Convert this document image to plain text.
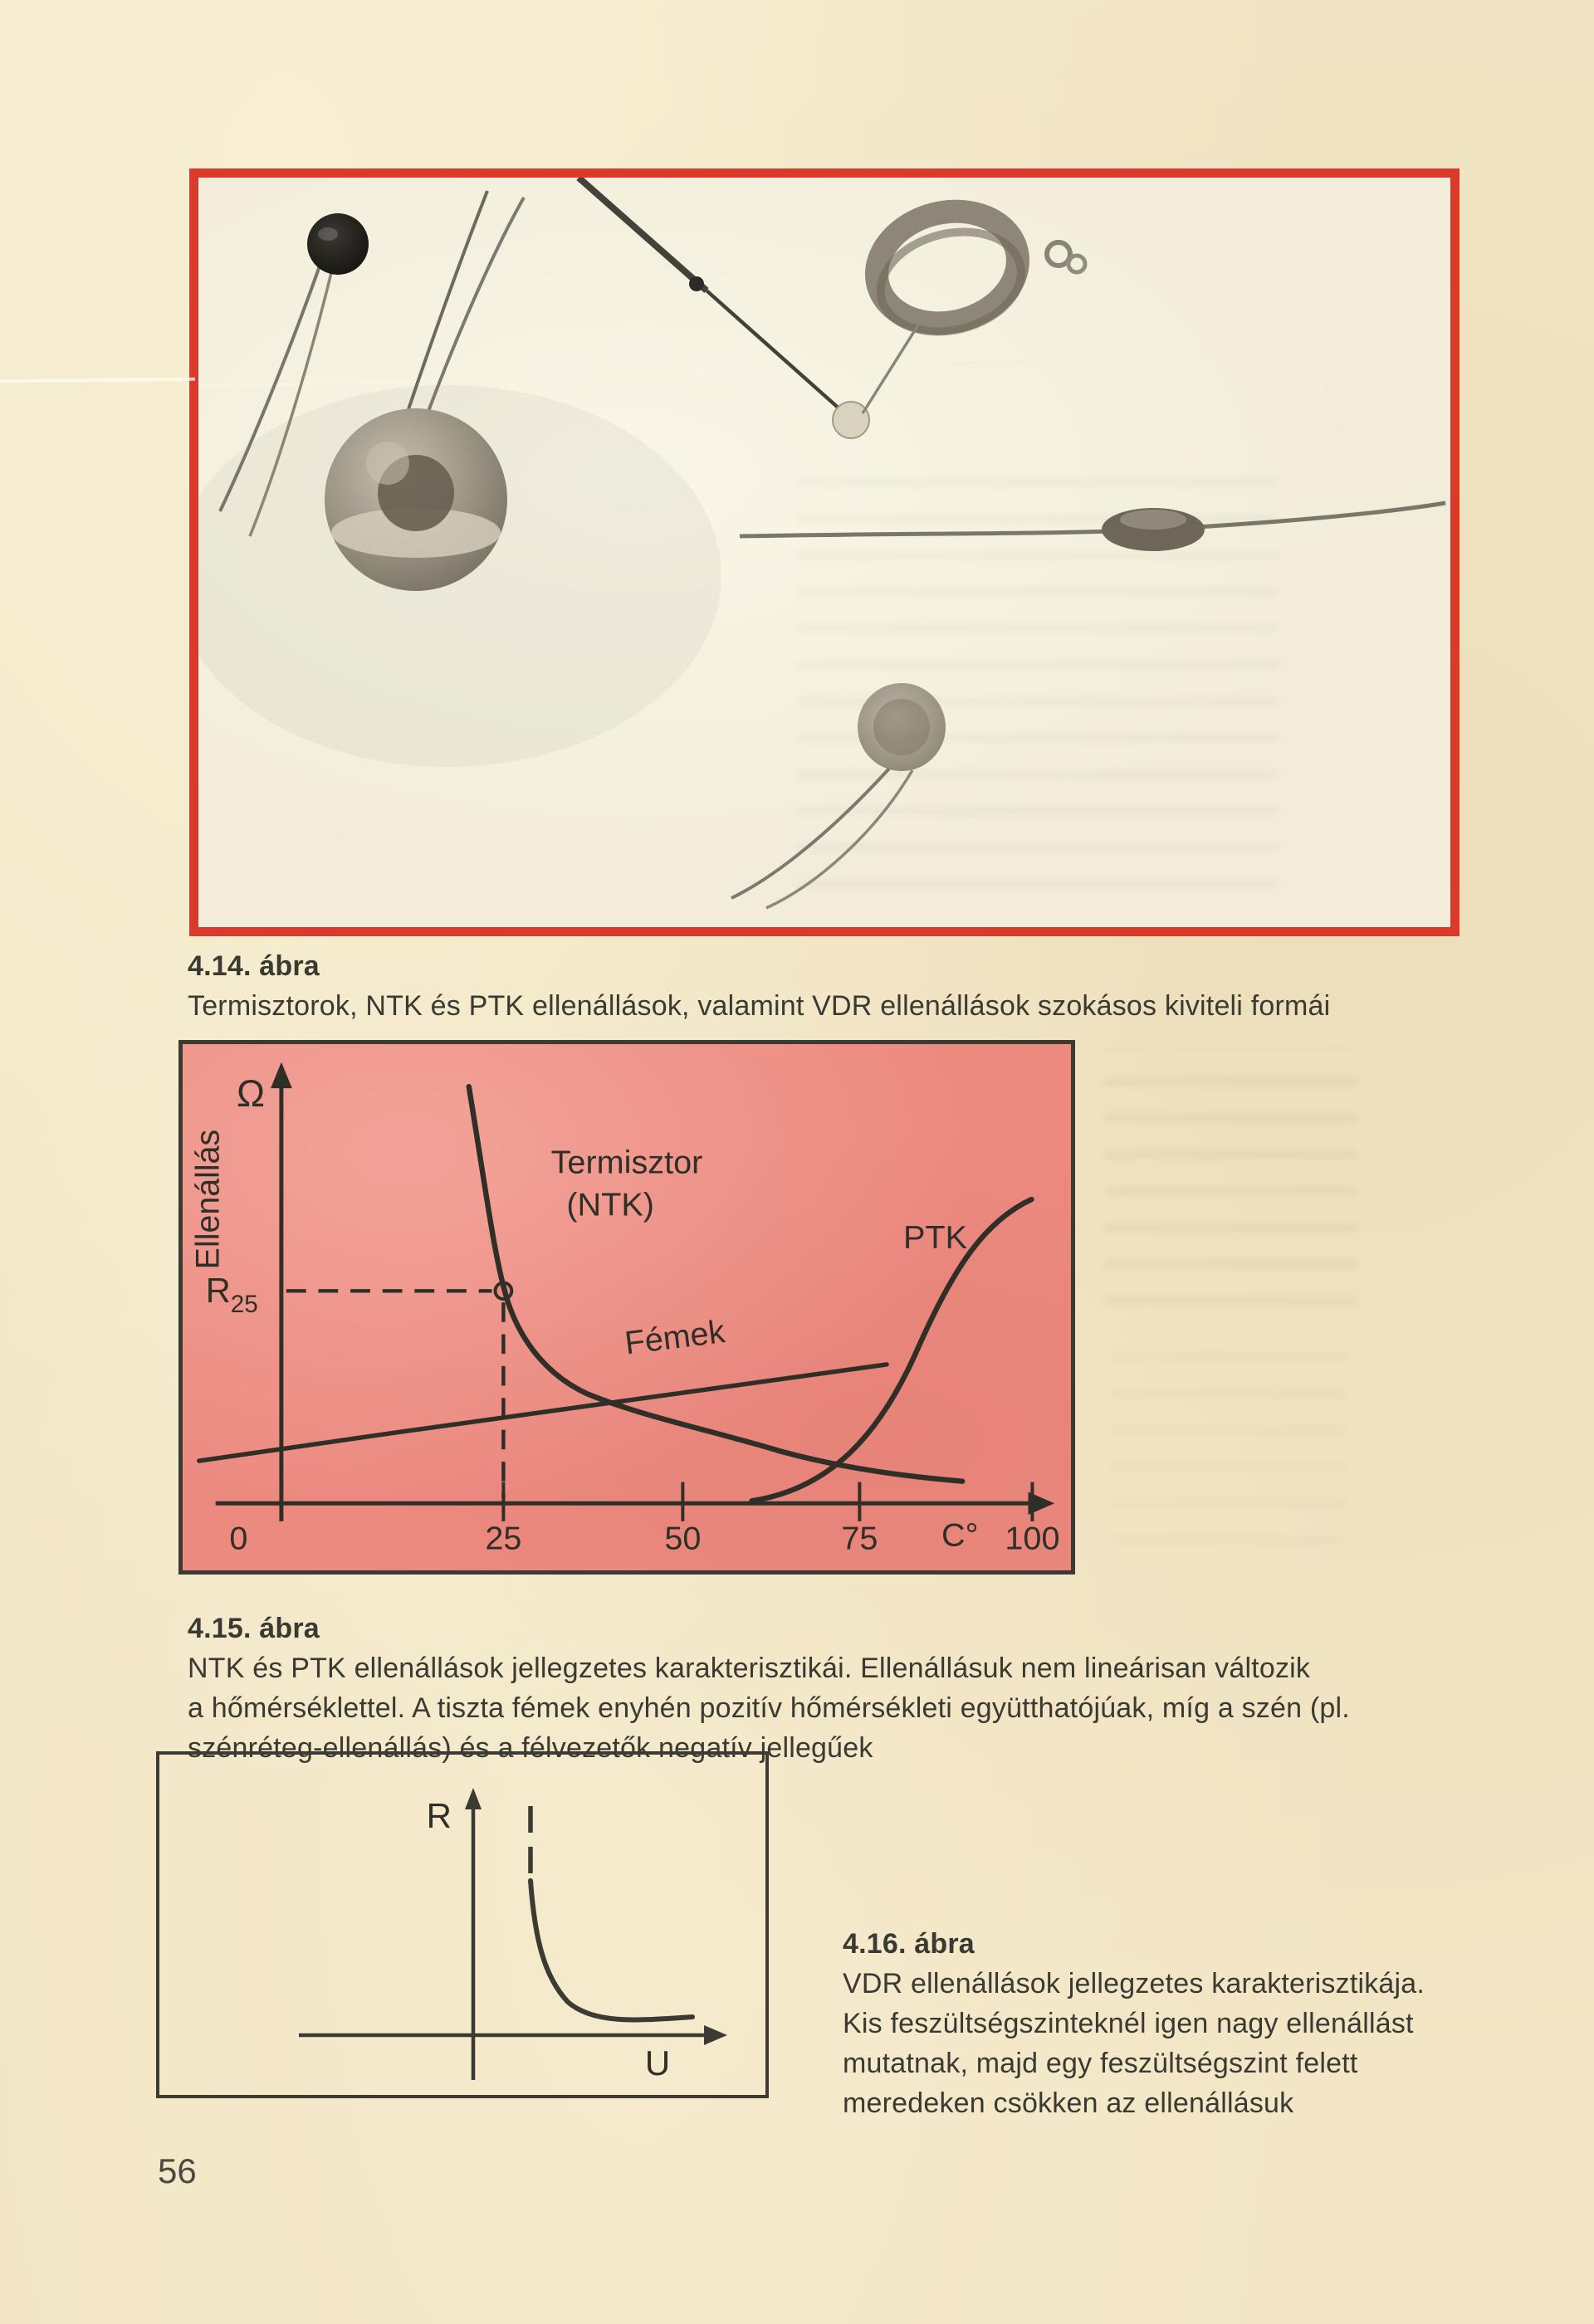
4.14. ábra
Termisztorok, NTK és PTK ellenállások, valamint VDR ellenállások szokásos kiviteli formái
Ω
Ellenállás
$R_{25}$
Termisztor
(NTK)
PTK
Fémek
0	25	50	75	100
C°
4.15. ábra
NTK és PTK ellenállások jellegzetes karakterisztikái. Ellenállásuk nem lineárisan változik
a hőmérséklettel. A tiszta fémek enyhén pozitív hőmérsékleti együtthatójúak, míg a szén (pl.
szénréteg-ellenállás) és a félvezetők negatív jellegűek
R
U
4.16. ábra
VDR ellenállások jellegzetes karakterisztikája.
Kis feszültségszinteknél igen nagy ellenállást
mutatnak, majd egy feszültségszint felett
meredeken csökken az ellenállásuk
56
